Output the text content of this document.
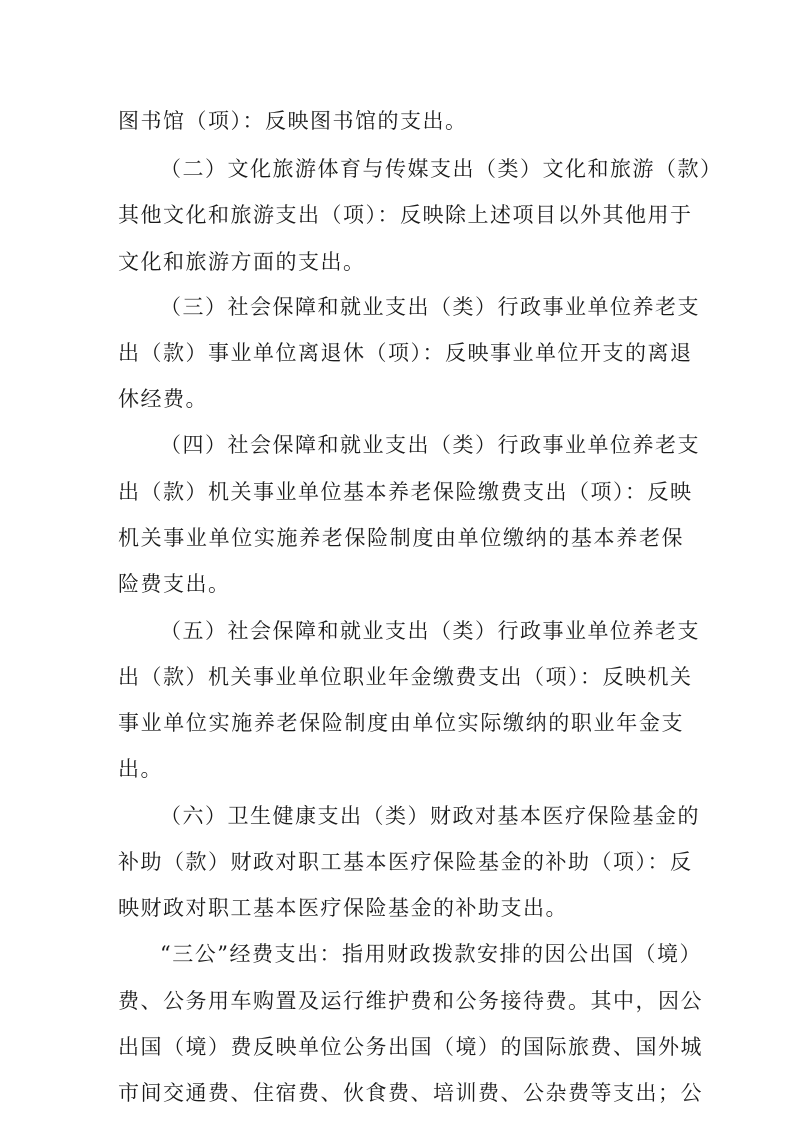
图书馆（项）：反映图书馆的支出。
（二）文化旅游体育与传媒支出（类）文化和旅游（款）
其他文化和旅游支出（项）：反映除上述项目以外其他用于
文化和旅游方面的支出。
（三）社会保障和就业支出（类）行政事业单位养老支
出（款）事业单位离退休（项）：反映事业单位开支的离退
休经费。
（四）社会保障和就业支出（类）行政事业单位养老支
出（款）机关事业单位基本养老保险缴费支出（项）：反映
机关事业单位实施养老保险制度由单位缴纳的基本养老保
险费支出。
（五）社会保障和就业支出（类）行政事业单位养老支
出（款）机关事业单位职业年金缴费支出（项）：反映机关
事业单位实施养老保险制度由单位实际缴纳的职业年金支
出。
（六）卫生健康支出（类）财政对基本医疗保险基金的
补助（款）财政对职工基本医疗保险基金的补助（项）：反
映财政对职工基本医疗保险基金的补助支出。
“三公”经费支出：指用财政拨款安排的因公出国（境）
费、公务用车购置及运行维护费和公务接待费。其中，因公
出国（境）费反映单位公务出国（境）的国际旅费、国外城
市间交通费、住宿费、伙食费、培训费、公杂费等支出；公
